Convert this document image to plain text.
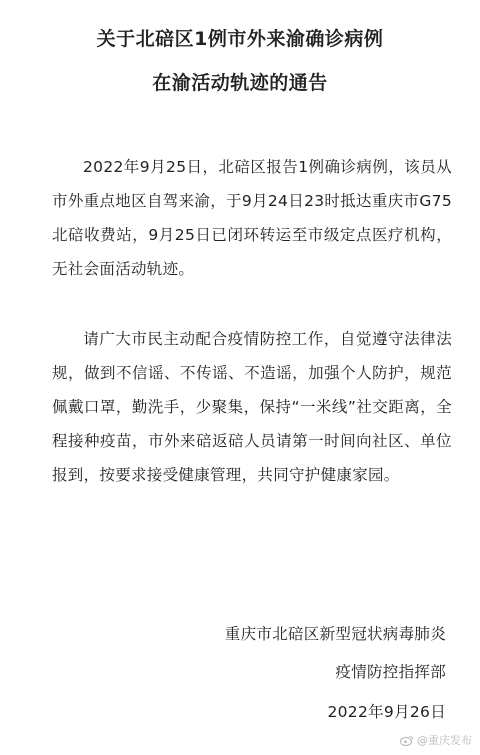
关于北碚区1例市外来渝确诊病例
在渝活动轨迹的通告
2022年9月25日，北碚区报告1例确诊病例，该员从市外重点地区自驾来渝，于9月24日23时抵达重庆市G75北碚收费站，9月25日已闭环转运至市级定点医疗机构，无社会面活动轨迹。
请广大市民主动配合疫情防控工作，自觉遵守法律法规，做到不信谣、不传谣、不造谣，加强个人防护，规范佩戴口罩，勤洗手，少聚集，保持“一米线”社交距离，全程接种疫苗，市外来碚返碚人员请第一时间向社区、单位报到，按要求接受健康管理，共同守护健康家园。
重庆市北碚区新型冠状病毒肺炎
疫情防控指挥部
2022年9月26日
@重庆发布
